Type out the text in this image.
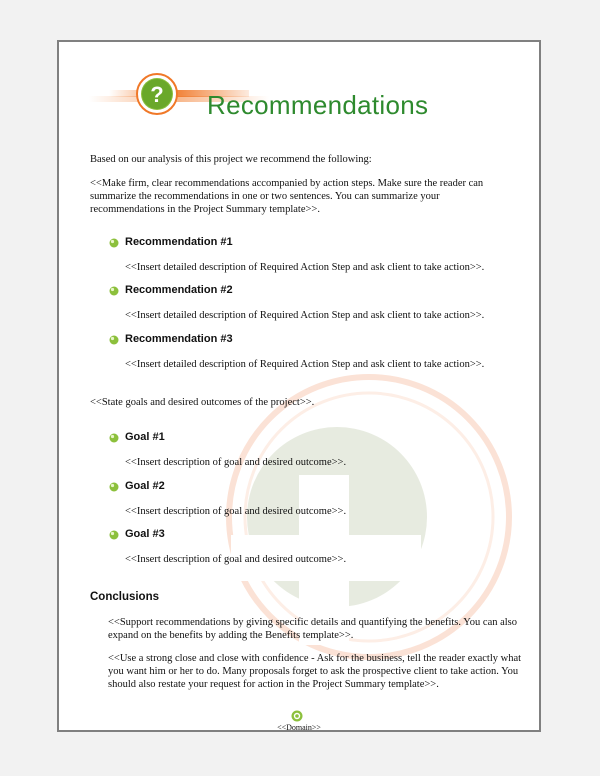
? Recommendations
Based on our analysis of this project we recommend the following:
<<Make firm, clear recommendations accompanied by action steps. Make sure the reader can summarize the recommendations in one or two sentences. You can summarize your recommendations in the Project Summary template>>.
Recommendation #1
<<Insert detailed description of Required Action Step and ask client to take action>>.
Recommendation #2
<<Insert detailed description of Required Action Step and ask client to take action>>.
Recommendation #3
<<Insert detailed description of Required Action Step and ask client to take action>>.
<<State goals and desired outcomes of the project>>.
Goal #1
<<Insert description of goal and desired outcome>>.
Goal #2
<<Insert description of goal and desired outcome>>.
Goal #3
<<Insert description of goal and desired outcome>>.
Conclusions
<<Support recommendations by giving specific details and quantifying the benefits. You can also expand on the benefits by adding the Benefits template>>.
<<Use a strong close and close with confidence - Ask for the business, tell the reader exactly what you want him or her to do. Many proposals forget to ask the prospective client to take action. You should also restate your request for action in the Project Summary template>>.
<<Domain>>
